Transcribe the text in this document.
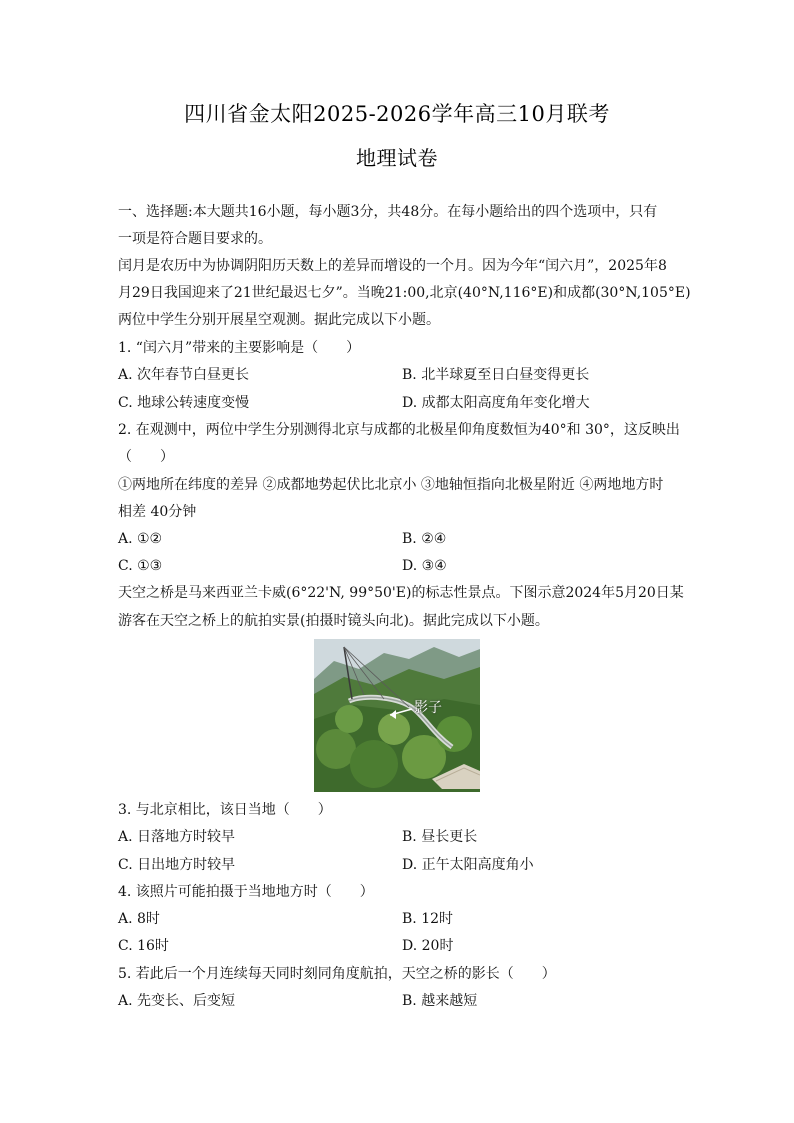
四川省金太阳2025-2026学年高三10月联考
地理试卷
一、选择题:本大题共16小题，每小题3分，共48分。在每小题给出的四个选项中，只有
一项是符合题目要求的。
闰月是农历中为协调阴阳历天数上的差异而增设的一个月。因为今年“闰六月”，2025年8
月29日我国迎来了21世纪最迟七夕”。当晚21:00,北京(40°N,116°E)和成都(30°N,105°E)
两位中学生分别开展星空观测。据此完成以下小题。
1. “闰六月”带来的主要影响是（　　）
A. 次年春节白昼更长	B. 北半球夏至日白昼变得更长
C. 地球公转速度变慢	D. 成都太阳高度角年变化增大
2. 在观测中，两位中学生分别测得北京与成都的北极星仰角度数恒为40°和 30°，这反映出
（　　）
①两地所在纬度的差异 ②成都地势起伏比北京小 ③地轴恒指向北极星附近 ④两地地方时
相差 40分钟
A. ①②	B. ②④
C. ①③	D. ③④
天空之桥是马来西亚兰卡威(6°22'N, 99°50'E)的标志性景点。下图示意2024年5月20日某
游客在天空之桥上的航拍实景(拍摄时镜头向北)。据此完成以下小题。
影子
3. 与北京相比，该日当地（　　）
A. 日落地方时较早	B. 昼长更长
C. 日出地方时较早	D. 正午太阳高度角小
4. 该照片可能拍摄于当地地方时（　　）
A. 8时	B. 12时
C. 16时	D. 20时
5. 若此后一个月连续每天同时刻同角度航拍，天空之桥的影长（　　）
A. 先变长、后变短	B. 越来越短
